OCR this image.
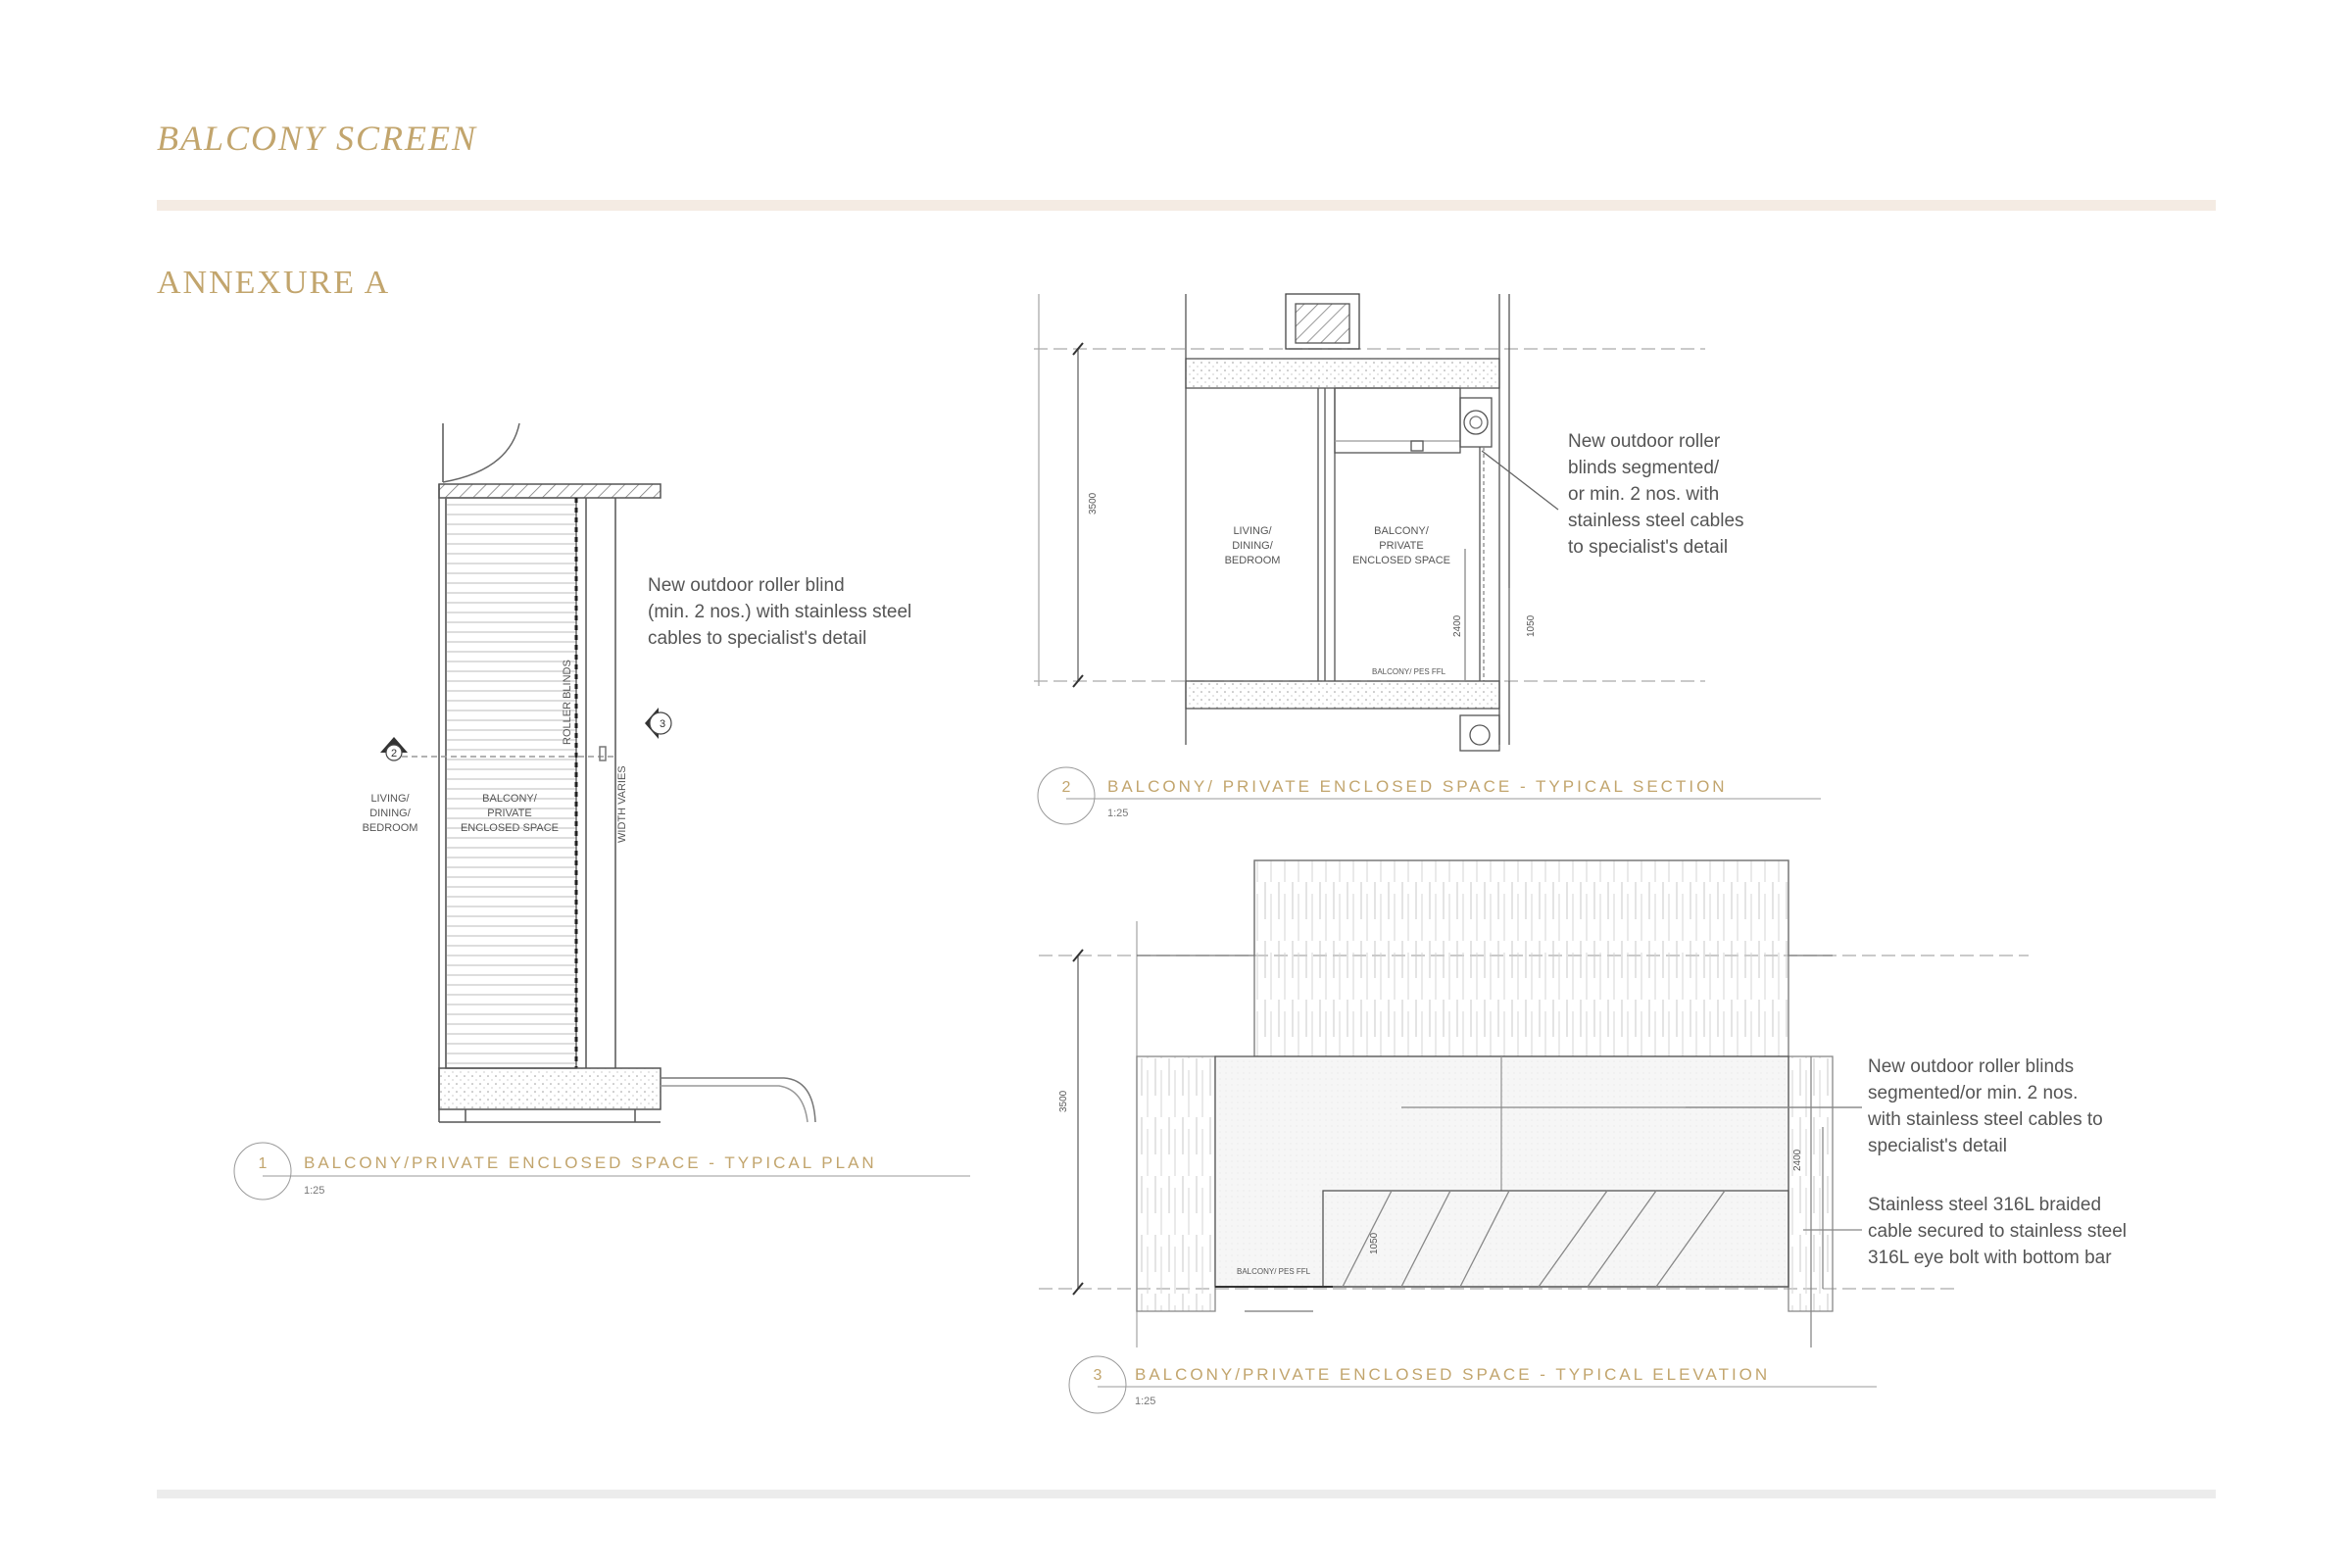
BALCONY SCREEN
ANNEXURE A
2
3
LIVING/
DINING/
BEDROOM
BALCONY/
PRIVATE
ENCLOSED SPACE
ROLLER BLINDS
WIDTH VARIES
New outdoor roller blind
(min. 2 nos.) with stainless steel
cables to specialist's detail
1 BALCONY/PRIVATE ENCLOSED SPACE - TYPICAL PLAN
1:25
LIVING/
DINING/
BEDROOM
BALCONY/
PRIVATE
ENCLOSED SPACE
3500
2400	1050
BALCONY/ PES FFL
New outdoor roller
blinds segmented/
or min. 2 nos. with
stainless steel cables
to specialist's detail
2 BALCONY/ PRIVATE ENCLOSED SPACE - TYPICAL SECTION
1:25
3500
2400
1050
BALCONY/ PES FFL
New outdoor roller blinds
segmented/or min. 2 nos.
with stainless steel cables to
specialist's detail
Stainless steel 316L braided
cable secured to stainless steel
316L eye bolt with bottom bar
3 BALCONY/PRIVATE ENCLOSED SPACE - TYPICAL ELEVATION
1:25
